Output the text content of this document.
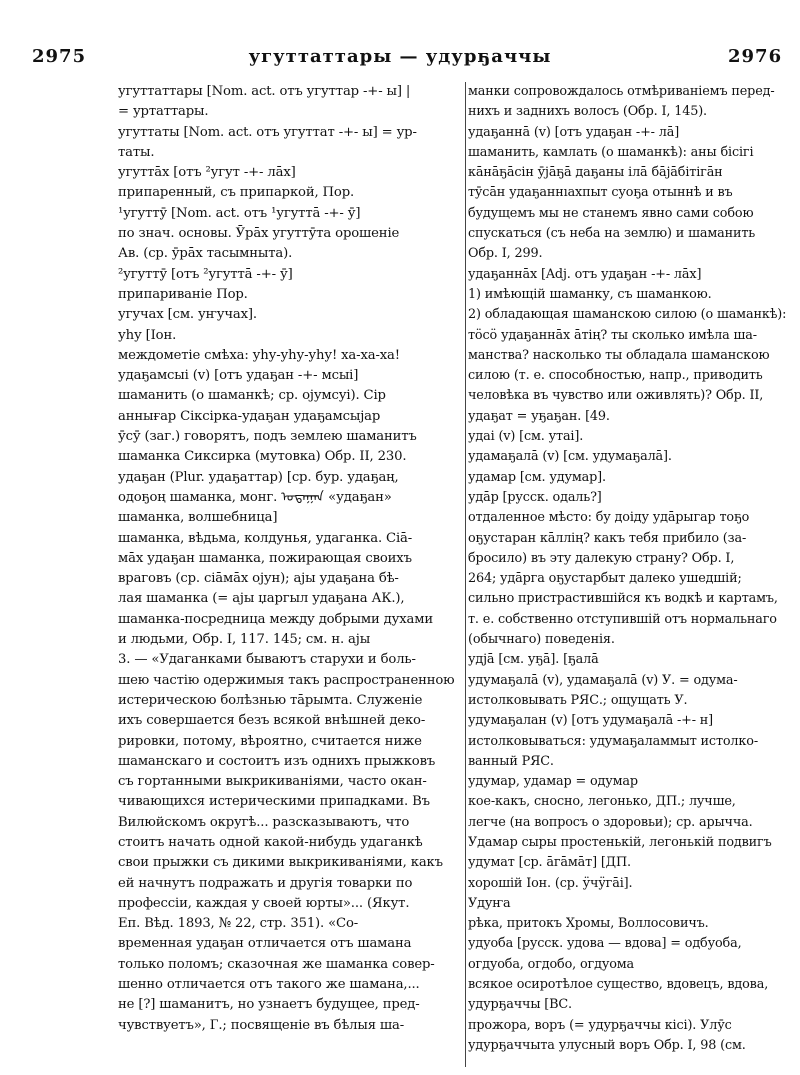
2975	угуттаттары — удурҕаччы	2976
угуттаттары [Nom. act. отъ угуттар -+- ы] |
= уртаттары.
угуттаты [Nom. act. отъ угуттат -+- ы] = ур-
таты.
угуттāх [отъ ²угут -+- лāх]
припаренный, съ припаркой, Пор.
¹угуттӯ [Nom. act. отъ ¹угуттā -+- ӯ]
по знач. основы. Ӯрāх угуттӯта орошеніе
Ав. (ср. ӯрāх тасымныта).
²угуттӯ [отъ ²угуттā -+- ӯ]
припариваніе Пор.
угучах [см. уҥучах].
уһу [Іон.
междометіе смѣха: уһу-уһу-уһу! ха-ха-ха!
удаҕамсыі (v) [отъ удаҕан -+- мсыі]
шаманить (о шаманкѣ; ср. оjумсуі). Сір
аннығар Сіксірка-удаҕан удаҕамсыjар
ӯсӯ (заг.) говорятъ, подъ землею шаманитъ
шаманка Сиксирка (мутовка) Обр. II, 230.
удаҕан (Plur. удаҕаттар) [ср. бур. удаҕаң,
одоҕоң шаманка, монг. ᠤᠳᠠᠭᠠᠨ «удаҕан»
шаманка, волшебница]
шаманка, вѣдьма, колдунья, удаганка. Сіā-
мāх удаҕан шаманка, пожирающая своихъ
враговъ (ср. сіāмāх оjун); аjы удаҕана бѣ-
лая шаманка (= аjы џаргыл удаҕана АК.),
шаманка-посредница между добрыми духами
и людьми, Обр. I, 117. 145; см. н. аjы
3. — «Удаганками бываютъ старухи и боль-
шею частію одержимыя такъ распространенною
истерическою болѣзнью тāрымта. Служеніе
ихъ совершается безъ всякой внѣшней деко-
рировки, потому, вѣроятно, считается ниже
шаманскаго и состоитъ изъ однихъ прыжковъ
съ гортанными выкрикиваніями, часто окан-
чивающихся истерическими припадками. Въ
Вилюйскомъ округѣ... разсказываютъ, что
стоитъ начать одной какой-нибудь удаганкѣ
свои прыжки съ дикими выкрикиваніями, какъ
ей начнутъ подражать и другія товарки по
профессіи, каждая у своей юрты»... (Якут.
Еп. Вѣд. 1893, № 22, стр. 351). «Со-
временная удаҕан отличается отъ шамана
только поломъ; сказочная же шаманка совер-
шенно отличается отъ такого же шамана,...
не [?] шаманитъ, но узнаетъ будущее, пред-
чувствуетъ», Г.; посвященіе въ бѣлыя ша-
манки сопровождалось отмѣриваніемъ перед-
нихъ и заднихъ волосъ (Обр. I, 145).
удаҕаннā (v) [отъ удаҕан -+- лā]
шаманить, камлать (о шаманкѣ): аны бісігі
кāнāҕāсін ӯjāҕā даҕаны ілā бājāбітігāн
тӯсāн удаҕаннıахпыт суоҕа отыннѣ и въ
будущемъ мы не станемъ явно сами собою
спускаться (съ неба на землю) и шаманить
Обр. I, 299.
удаҕаннāх [Adj. отъ удаҕан -+- лāх]
1) имѣющій шаманку, съ шаманкою.
2) обладающая шаманскою силою (о шаманкѣ):
тӧсӧ удаҕаннāх āтің? ты сколько имѣла ша-
манства? насколько ты обладала шаманскою
силою (т. е. способностью, напр., приводить
человѣка въ чувство или оживлять)? Обр. II,
удаҕат = уҕаҕан. [49.
удаі (v) [см. утаі].
удамаҕалā (v) [см. удумаҕалā].
удамар [см. удумар].
удāр [русск. одаль?]
отдаленное мѣсто: бу доіду удāрыгар тоҕо
оҕустаран кāллің? какъ тебя прибило (за-
бросило) въ эту далекую страну? Обр. I,
264; удāрга оҕустарбыт далеко ушедшій;
сильно пристрастившійся къ водкѣ и картамъ,
т. е. собственно отступившій отъ нормальнаго
(обычнаго) поведенія.
удjā [см. уҕā]. [ҕалā
удумаҕалā (v), удамаҕалā (v) У. = одума-
истолковывать РЯС.; ощущать У.
удумаҕалан (v) [отъ удумаҕалā -+- н]
истолковываться: удумаҕаламмыт истолко-
ванный РЯС.
удумар, удамар = одумар
кое-какъ, сносно, легонько, ДП.; лучше,
легче (на вопросъ о здоровьи); ср. арыччa.
Удамар сыры простенькій, легонькій подвигъ
удумат [ср. āгāмāт] [ДП.
хорошій Іон. (ср. ӱчӱгāі].
Удуҥа
рѣка, притокъ Хромы, Воллосовичъ.
удуоба [русск. удова — вдова] = одбуоба,
огдуоба, огдобо, огдуома
всякое осиротѣлое существо, вдовецъ, вдова,
удурҕаччы [ВС.
прожора, воръ (= удурҕаччы кісі). Улӯс
удурҕаччыта улусный воръ Обр. I, 98 (см.
